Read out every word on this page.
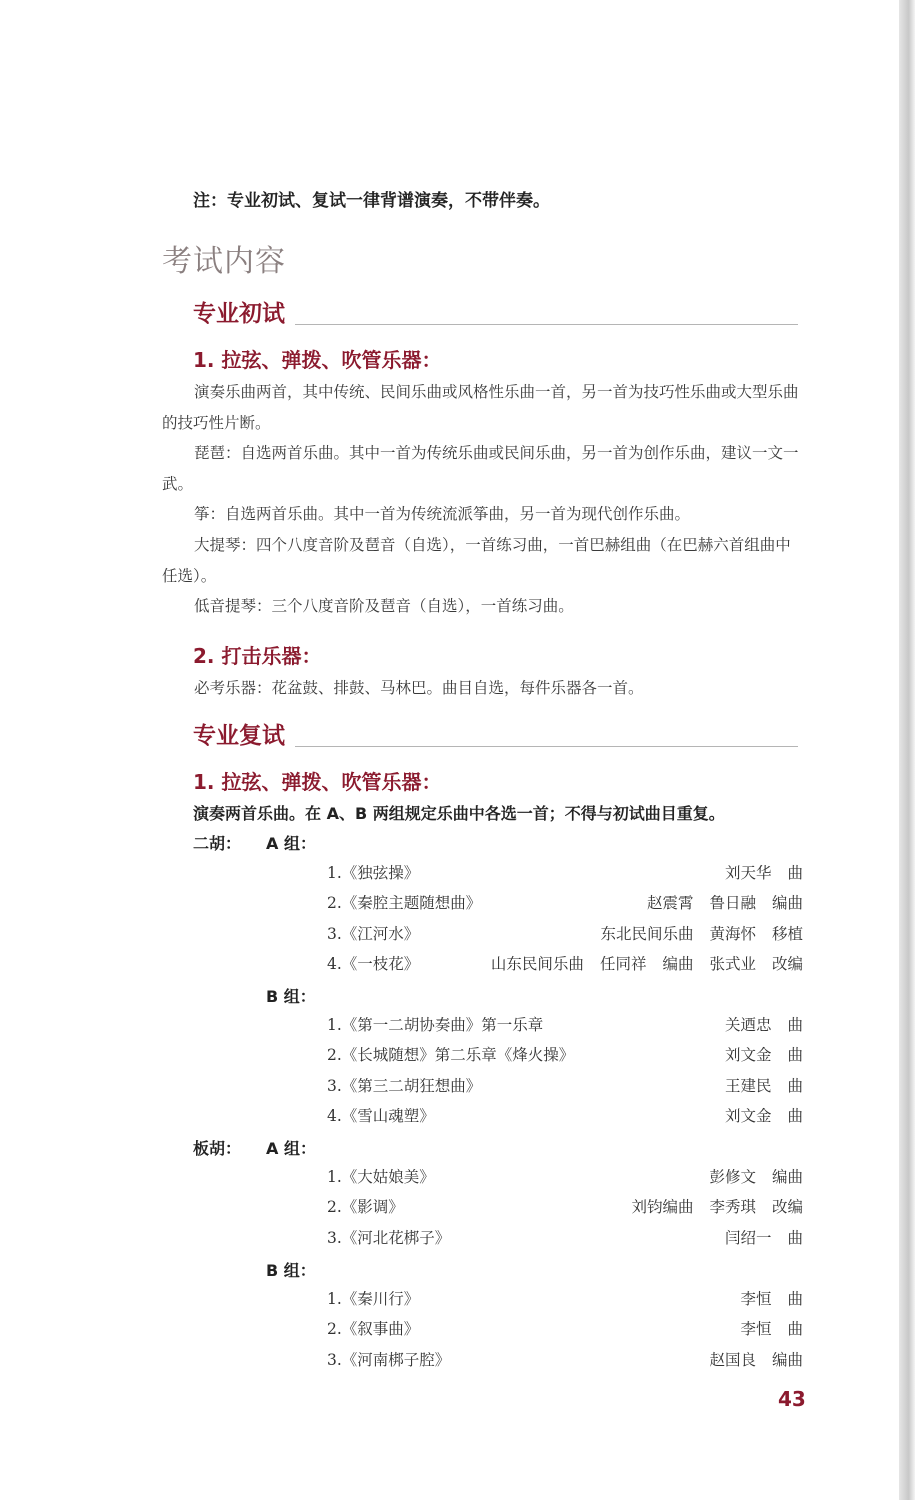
注：专业初试、复试一律背谱演奏，不带伴奏。
考试内容
专业初试
1. 拉弦、弹拨、吹管乐器：

演奏乐曲两首，其中传统、民间乐曲或风格性乐曲一首，另一首为技巧性乐曲或大型乐曲的技巧性片断。

琵琶：自选两首乐曲。其中一首为传统乐曲或民间乐曲，另一首为创作乐曲，建议一文一武。

筝：自选两首乐曲。其中一首为传统流派筝曲，另一首为现代创作乐曲。

大提琴：四个八度音阶及琶音（自选），一首练习曲，一首巴赫组曲（在巴赫六首组曲中任选）。

低音提琴：三个八度音阶及琶音（自选），一首练习曲。

2. 打击乐器：

必考乐器：花盆鼓、排鼓、马林巴。曲目自选，每件乐器各一首。

专业复试
1. 拉弦、弹拨、吹管乐器：
演奏两首乐曲。在 A、B 两组规定乐曲中各选一首；不得与初试曲目重复。
二胡： A 组：
1.《独弦操》	刘天华 曲
2.《秦腔主题随想曲》	赵震霄 鲁日融 编曲
3.《江河水》	东北民间乐曲 黄海怀 移植
4.《一枝花》	山东民间乐曲 任同祥 编曲 张式业 改编
B 组：
1.《第一二胡协奏曲》第一乐章	关迺忠 曲
2.《长城随想》第二乐章《烽火操》	刘文金 曲
3.《第三二胡狂想曲》	王建民 曲
4.《雪山魂塑》	刘文金 曲
板胡： A 组：
1.《大姑娘美》	彭修文 编曲
2.《影调》	刘钧编曲 李秀琪 改编
3.《河北花梆子》	闫绍一 曲
B 组：
1.《秦川行》	李恒 曲
2.《叙事曲》	李恒 曲
3.《河南梆子腔》	赵国良 编曲
43
